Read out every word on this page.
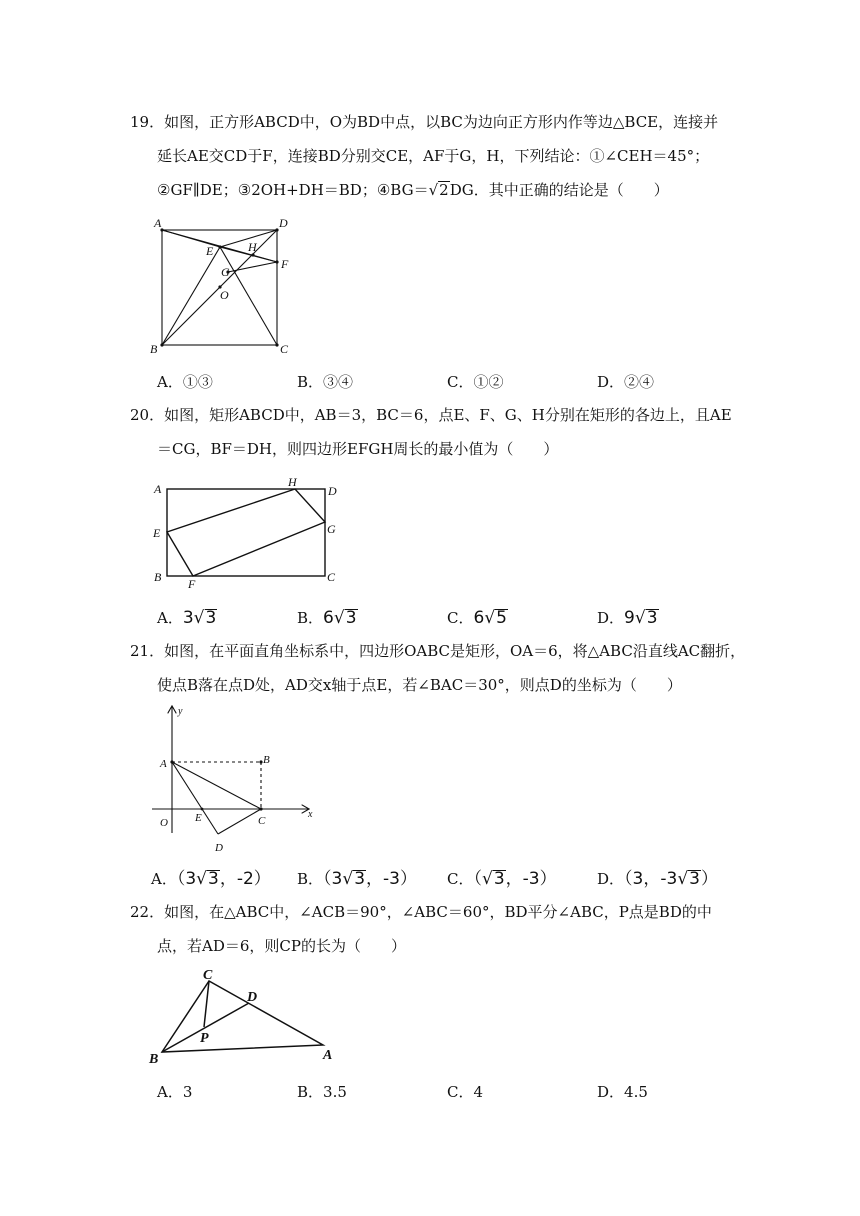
19．如图，正方形ABCD中，O为BD中点，以BC为边向正方形内作等边△BCE，连接并
延长AE交CD于F，连接BD分别交CE，AF于G，H，下列结论：①∠CEH＝45°；
②GF∥DE；③2OH+DH＝BD；④BG＝√2DG．其中正确的结论是（　　）
A	D
E	H
F
G
O
B	C
A．①③	B．③④	C．①②	D．②④
20．如图，矩形ABCD中，AB＝3，BC＝6，点E、F、G、H分别在矩形的各边上，且AE
＝CG，BF＝DH，则四边形EFGH周长的最小值为（　　）
A	H
D
E	G
B F	C
A．3√3	B．6√3	C．6√5	D．9√3
21．如图，在平面直角坐标系中，四边形OABC是矩形，OA＝6，将△ABC沿直线AC翻折，
使点B落在点D处，AD交x轴于点E，若∠BAC＝30°，则点D的坐标为（　　）
y
x
A	B
O E	C
D
A．（3√3，-2） B．（3√3，-3） C．（√3，-3）	D．（3，-3√3）
22．如图，在△ABC中，∠ACB＝90°，∠ABC＝60°，BD平分∠ABC，P点是BD的中
点，若AD＝6，则CP的长为（　　）
C
D
P
B	A
A．3	B．3.5	C．4	D．4.5
